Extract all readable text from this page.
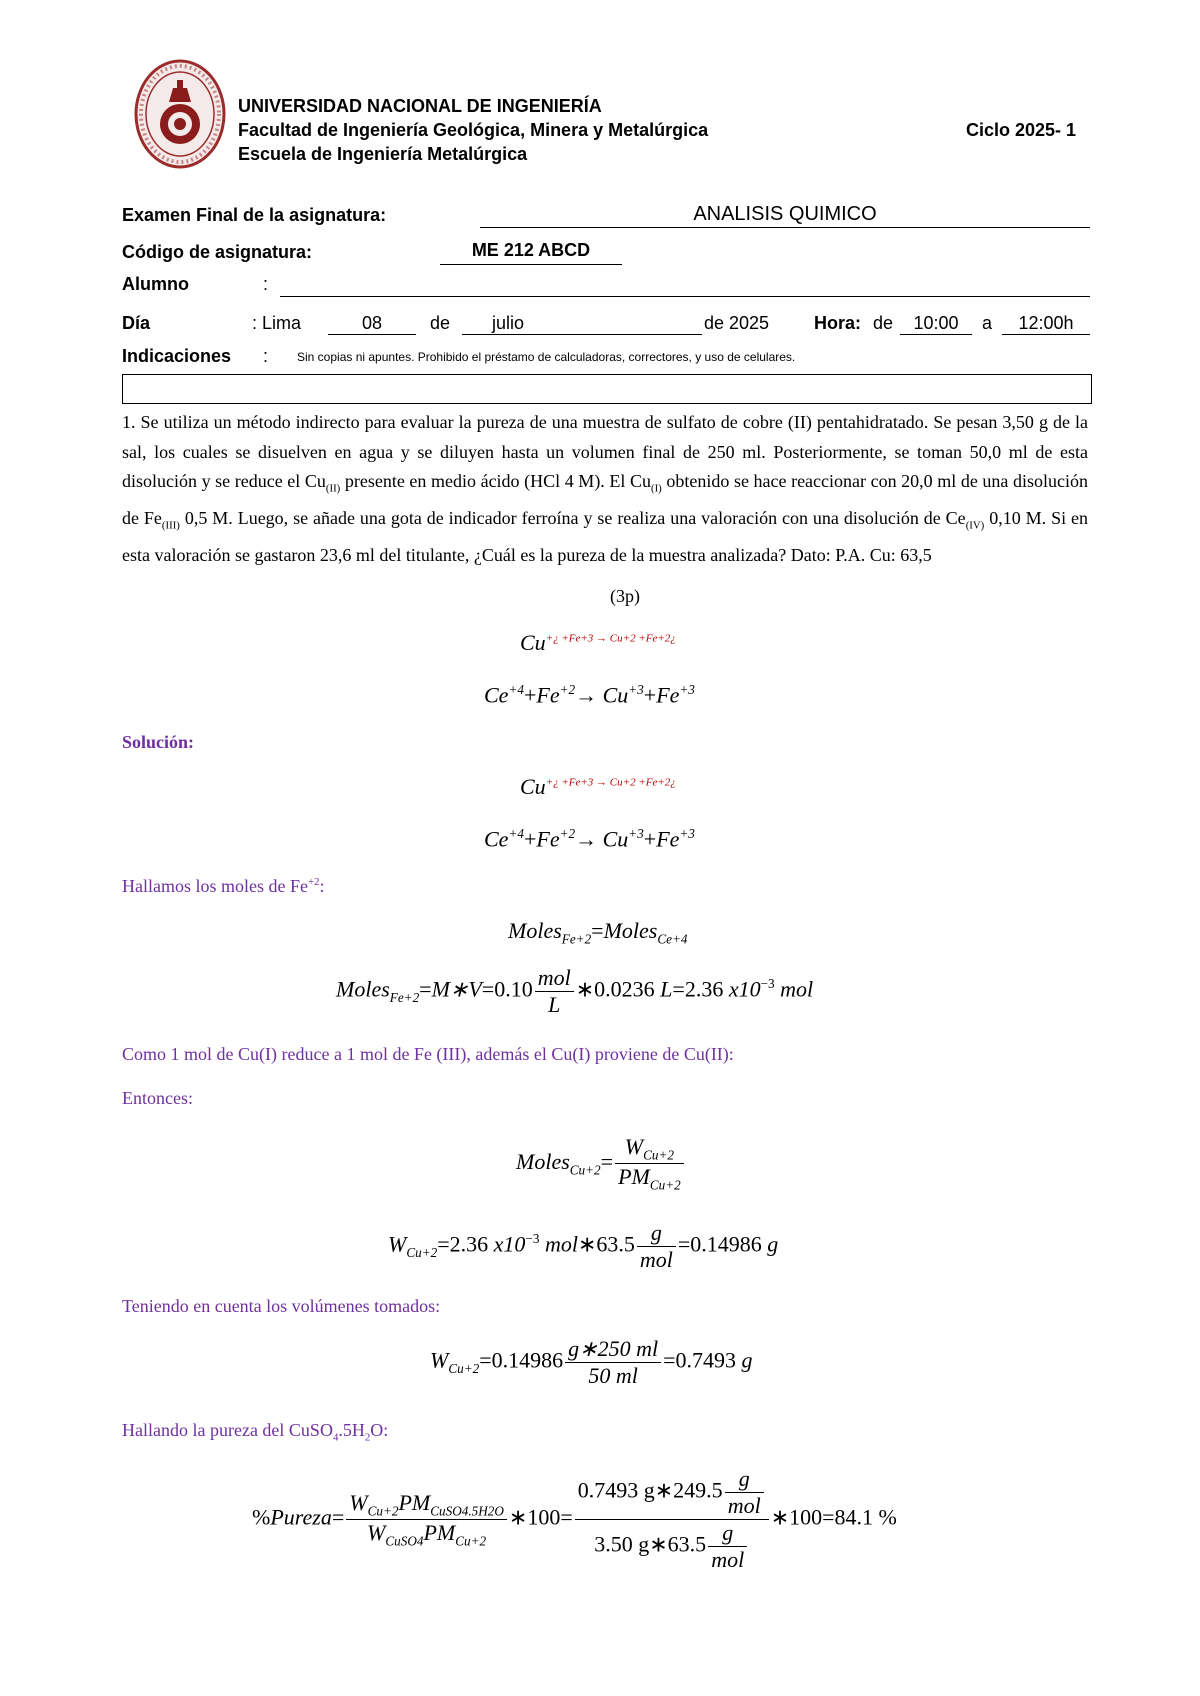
UNIVERSIDAD NACIONAL DE INGENIERÍA
Facultad de Ingeniería Geológica, Minera y Metalúrgica
Escuela de Ingeniería Metalúrgica
Ciclo 2025- 1
Examen Final de la asignatura:	ANALISIS QUIMICO
Código de asignatura:	ME 212 ABCD
Alumno	:
Día	: Lima	08	de	julio	de 2025 Hora: de	10:00	a	12:00h
Indicaciones : Sin copias ni apuntes. Prohibido el préstamo de calculadoras, correctores, y uso de celulares.
1. Se utiliza un método indirecto para evaluar la pureza de una muestra de sulfato de cobre (II) pentahidratado. Se pesan 3,50 g de la sal, los cuales se disuelven en agua y se diluyen hasta un volumen final de 250 ml. Posteriormente, se toman 50,0 ml de esta disolución y se reduce el $Cu_{(II)}$ presente en medio ácido (HCl 4 M). El $Cu_{(I)}$ obtenido se hace reaccionar con 20,0 ml de una disolución de $Fe_{(III)}$ 0,5 M. Luego, se añade una gota de indicador ferroína y se realiza una valoración con una disolución de $Ce_{(IV)}$ 0,10 M. Si en esta valoración se gastaron 23,6 ml del titulante, ¿Cuál es la pureza de la muestra analizada? Dato: P.A. Cu: 63,5
(3p)
$Cu^{+¿ +Fe+3 \to Cu+2 +Fe+2¿}$
$Ce^{+4}+Fe^{+2}\to Cu^{+3}+Fe^{+3}$
Solución:
$Cu^{+¿ +Fe+3 \to Cu+2 +Fe+2¿}$
$Ce^{+4}+Fe^{+2}\to Cu^{+3}+Fe^{+3}$
Hallamos los moles de $Fe^{+2}$:
Moles$_{Fe+2}$=Moles$_{Ce+4}$
Moles$_{Fe+2}$=M∗V=0.10 $\frac{\text{mol}}{L}$ ∗0.0236 L=2.36 $x10^{-3}$ mol
Como 1 mol de Cu(I) reduce a 1 mol de Fe (III), además el Cu(I) proviene de Cu(II):
Entonces:
Moles$_{Cu+2}$= $\frac{W_{Cu+2}}{PM_{Cu+2}}$
$W_{Cu+2}=2.36$ $x10^{-3}$ mol∗63.5 $\frac{g}{\text{mol}} =0.14986$ g
Teniendo en cuenta los volúmenes tomados:
$W_{Cu+2}=0.14986 \frac{g∗250 ml}{50 ml} =0.7493$ g
Hallando la pureza del $CuSO_4.5H_2O$:
%Pureza= $\frac{W_{Cu+2}PM_{CuSO4.5H2O}}{W_{CuSO4}PM_{Cu+2}}$ ∗100= $\frac{0.7493 g∗249.5 \frac{g}{\text{mol}}}{3.50 g∗63.5 \frac{g}{\text{mol}}}$ ∗100=84.1 %
